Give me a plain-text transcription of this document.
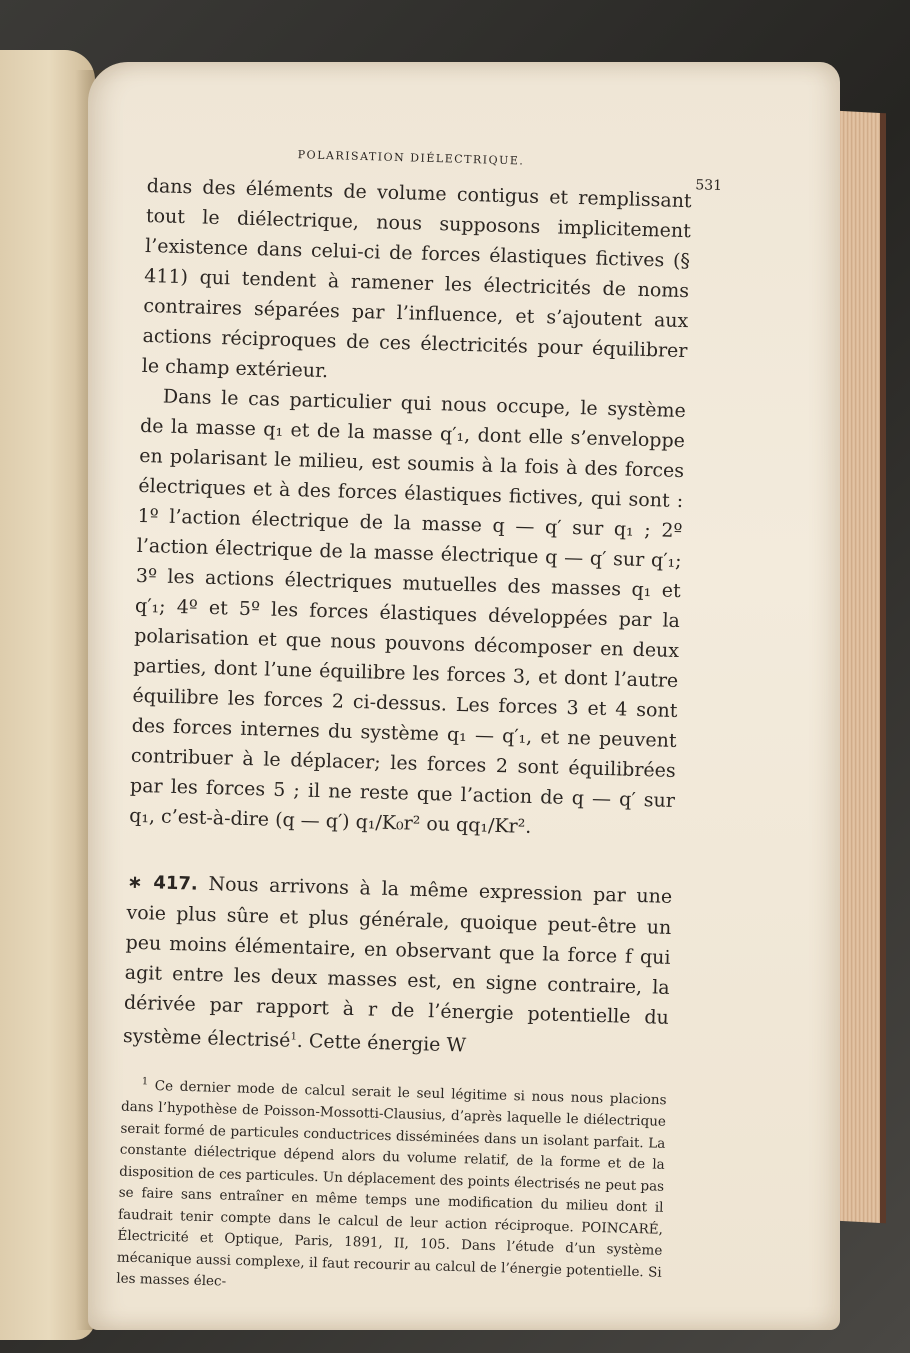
POLARISATION DIÉLECTRIQUE.
531

dans des éléments de volume contigus et remplissant tout le diélectrique, nous supposons implicitement l’existence dans celui-ci de forces élastiques fictives (§ 411) qui tendent à ramener les électricités de noms contraires séparées par l’influence, et s’ajoutent aux actions réciproques de ces électricités pour équilibrer le champ extérieur.

Dans le cas particulier qui nous occupe, le système de la masse q₁ et de la masse q′₁, dont elle s’enveloppe en polarisant le milieu, est soumis à la fois à des forces électriques et à des forces élastiques fictives, qui sont : 1º l’action électrique de la masse q — q′ sur q₁ ; 2º l’action électrique de la masse électrique q — q′ sur q′₁; 3º les actions électriques mutuelles des masses q₁ et q′₁; 4º et 5º les forces élastiques développées par la polarisation et que nous pouvons décomposer en deux parties, dont l’une équilibre les forces 3, et dont l’autre équilibre les forces 2 ci-dessus. Les forces 3 et 4 sont des forces internes du système q₁ — q′₁, et ne peuvent contribuer à le déplacer; les forces 2 sont équilibrées par les forces 5 ; il ne reste que l’action de q — q′ sur q₁, c’est-à-dire (q — q′) q₁/K₀r² ou qq₁/Kr².

∗ 417. Nous arrivons à la même expression par une voie plus sûre et plus générale, quoique peut-être un peu moins élémentaire, en observant que la force f qui agit entre les deux masses est, en signe contraire, la dérivée par rapport à r de l’énergie potentielle du système électrisé$^1$. Cette énergie W

$^1$ Ce dernier mode de calcul serait le seul légitime si nous nous placions dans l’hypothèse de Poisson-Mossotti-Clausius, d’après laquelle le diélectrique serait formé de particules conductrices disséminées dans un isolant parfait. La constante diélectrique dépend alors du volume relatif, de la forme et de la disposition de ces particules. Un déplacement des points électrisés ne peut pas se faire sans entraîner en même temps une modification du milieu dont il faudrait tenir compte dans le calcul de leur action réciproque. POINCARÉ, Électricité et Optique, Paris, 1891, II, 105. Dans l’étude d’un système mécanique aussi complexe, il faut recourir au calcul de l’énergie potentielle. Si les masses élec-
